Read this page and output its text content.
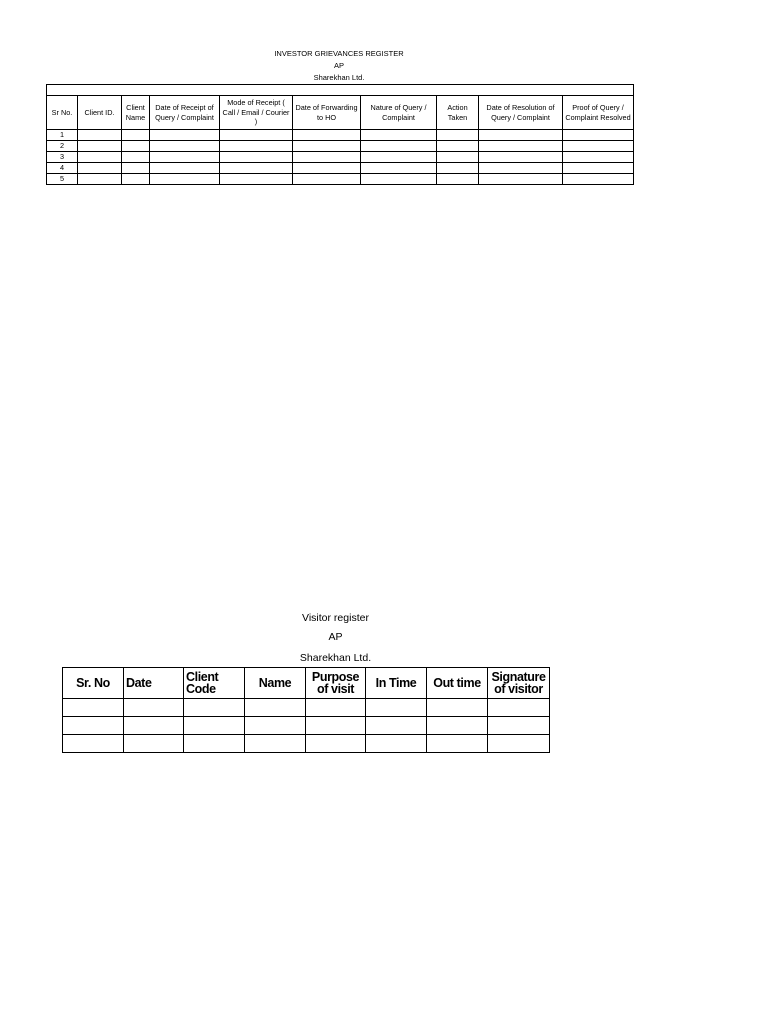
INVESTOR GRIEVANCES REGISTER
AP
Sharekhan Ltd.

Sr No.	Client ID.	Client Name	Date of Receipt of Query / Complaint	Mode of Receipt ( Call / Email / Courier )	Date of Forwarding to HO	Nature of Query / Complaint	Action Taken	Date of Resolution of Query / Complaint	Proof of Query / Complaint Resolved
1									
2									
3									
4									
5									
Visitor register
AP
Sharekhan Ltd.
Sr. No	Date	Client Code	Name	Purpose of visit	In Time	Out time	Signature of visitor
